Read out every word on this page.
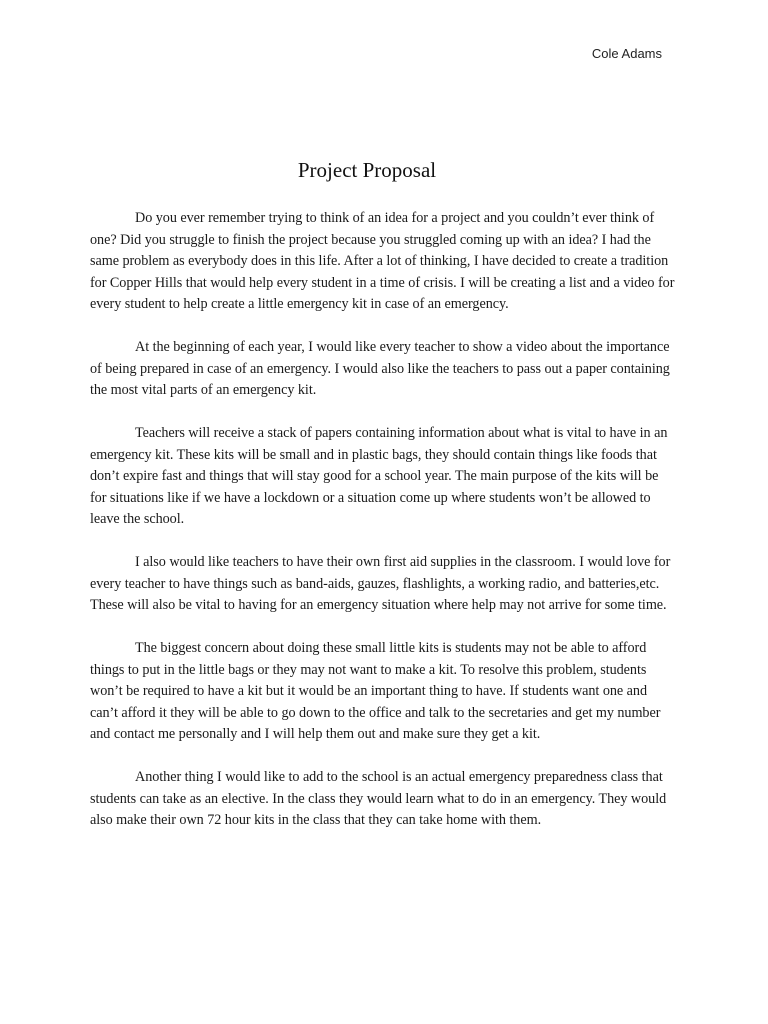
Cole Adams
Project Proposal

Do you ever remember trying to think of an idea for a project and you couldn’t ever think of one? Did you struggle to finish the project because you struggled coming up with an idea? I had the same problem as everybody does in this life. After a lot of thinking, I have decided to create a tradition for Copper Hills that would help every student in a time of crisis. I will be creating a list and a video for every student to help create a little emergency kit in case of an emergency.

At the beginning of each year, I would like every teacher to show a video about the importance of being prepared in case of an emergency. I would also like the teachers to pass out a paper containing the most vital parts of an emergency kit.

Teachers will receive a stack of papers containing information about what is vital to have in an emergency kit. These kits will be small and in plastic bags, they should contain things like foods that don’t expire fast and things that will stay good for a school year. The main purpose of the kits will be for situations like if we have a lockdown or a situation come up where students won’t be allowed to leave the school.

I also would like teachers to have their own first aid supplies in the classroom. I would love for every teacher to have things such as band-aids, gauzes, flashlights, a working radio, and batteries,etc. These will also be vital to having for an emergency situation where help may not arrive for some time.

The biggest concern about doing these small little kits is students may not be able to afford things to put in the little bags or they may not want to make a kit. To resolve this problem, students won’t be required to have a kit but it would be an important thing to have. If students want one and can’t afford it they will be able to go down to the office and talk to the secretaries and get my number and contact me personally and I will help them out and make sure they get a kit.

Another thing I would like to add to the school is an actual emergency preparedness class that students can take as an elective. In the class they would learn what to do in an emergency. They would also make their own 72 hour kits in the class that they can take home with them.
